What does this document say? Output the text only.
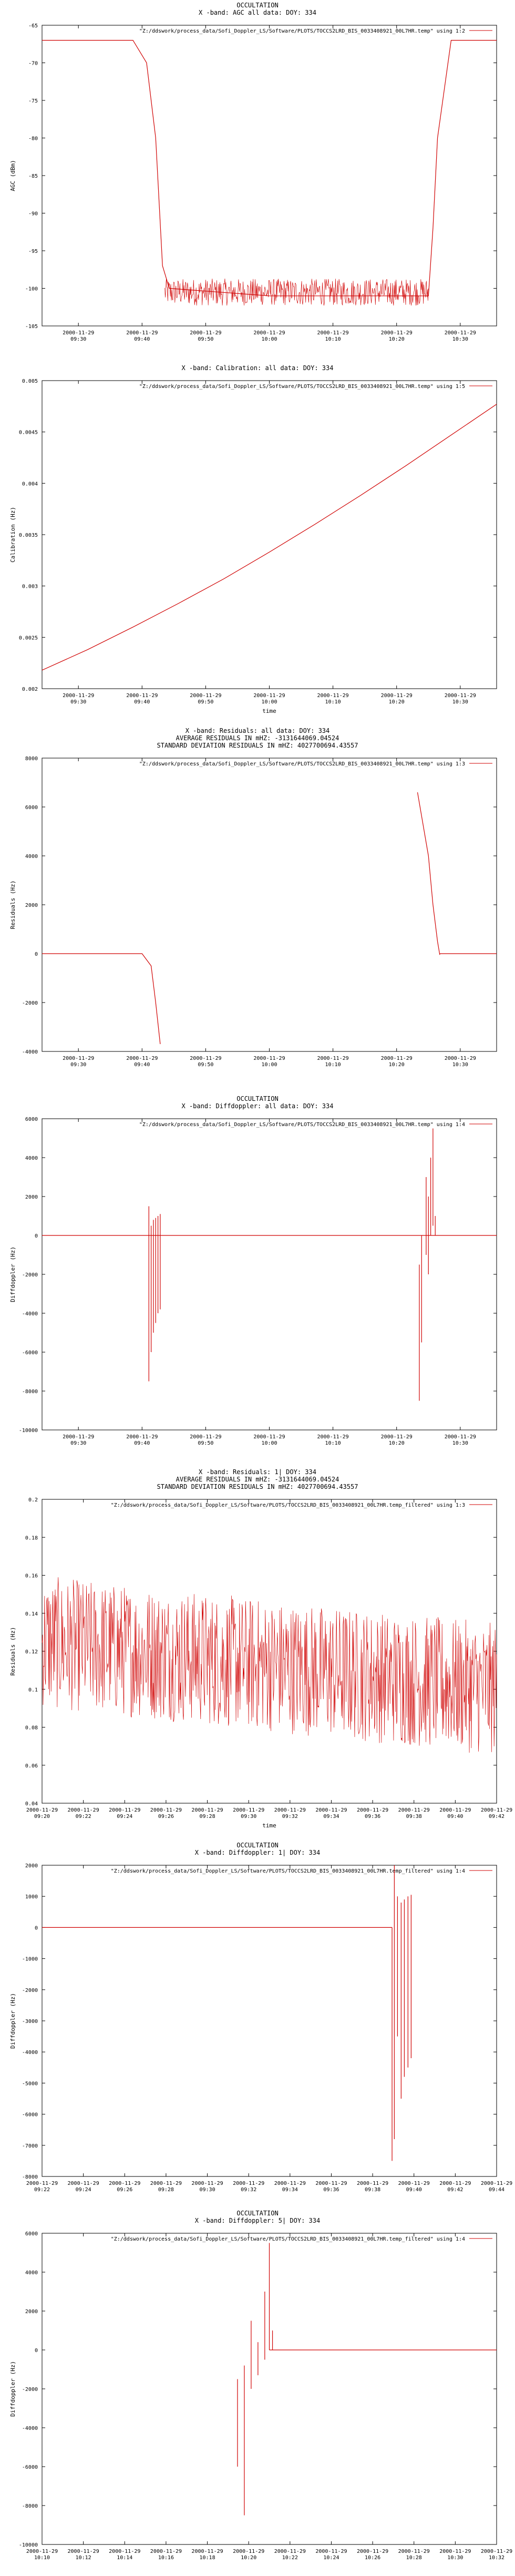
OCCULTATION
X -band: AGC all data: DOY: 334
"Z:/ddswork/process_data/Sofi_Doppler_LS/Software/PLOTS/TOCCS2LRD_BIS_0033408921_00L7HR.temp" using 1:2
-65
-70
-75
-80
-85
-90
-95
-100
-105
2000-11-29
09:30
2000-11-29
09:40
2000-11-29
09:50
2000-11-29
10:00
2000-11-29
10:10
2000-11-29
10:20
2000-11-29
10:30
AGC (dBm)
X -band: Calibration: all data: DOY: 334
"Z:/ddswork/process_data/Sofi_Doppler_LS/Software/PLOTS/TOCCS2LRD_BIS_0033408921_00L7HR.temp" using 1:5
0.005
0.0045
0.004
0.0035
0.003
0.0025
0.002
2000-11-29
09:30
2000-11-29
09:40
2000-11-29
09:50
2000-11-29
10:00
2000-11-29
10:10
2000-11-29
10:20
2000-11-29
10:30
Calibration (Hz)
time
X -band: Residuals: all data: DOY: 334
AVERAGE RESIDUALS IN mHZ: -3131644069.04524
STANDARD DEVIATION RESIDUALS IN mHZ: 4027700694.43557
"Z:/ddswork/process_data/Sofi_Doppler_LS/Software/PLOTS/TOCCS2LRD_BIS_0033408921_00L7HR.temp" using 1:3
8000
6000
4000
2000
0
-2000
-4000
2000-11-29
09:30
2000-11-29
09:40
2000-11-29
09:50
2000-11-29
10:00
2000-11-29
10:10
2000-11-29
10:20
2000-11-29
10:30
Residuals (Hz)
OCCULTATION
X -band: Diffdoppler: all data: DOY: 334
"Z:/ddswork/process_data/Sofi_Doppler_LS/Software/PLOTS/TOCCS2LRD_BIS_0033408921_00L7HR.temp" using 1:4
6000
4000
2000
0
-2000
-4000
-6000
-8000
-10000
2000-11-29
09:30
2000-11-29
09:40
2000-11-29
09:50
2000-11-29
10:00
2000-11-29
10:10
2000-11-29
10:20
2000-11-29
10:30
Diffdoppler (Hz)
X -band: Residuals: 1| DOY: 334
AVERAGE RESIDUALS IN mHZ: -3131644069.04524
STANDARD DEVIATION RESIDUALS IN mHZ: 4027700694.43557
"Z:/ddswork/process_data/Sofi_Doppler_LS/Software/PLOTS/TOCCS2LRD_BIS_0033408921_00L7HR.temp_filtered" using 1:3
0.2
0.18
0.16
0.14
0.12
0.1
0.08
0.06
0.04
2000-11-29
09:20
2000-11-29
09:22
2000-11-29
09:24
2000-11-29
09:26
2000-11-29
09:28
2000-11-29
09:30
2000-11-29
09:32
2000-11-29
09:34
2000-11-29
09:36
2000-11-29
09:38
2000-11-29
09:40
2000-11-29
09:42
Residuals (Hz)
time
OCCULTATION
X -band: Diffdoppler: 1| DOY: 334
"Z:/ddswork/process_data/Sofi_Doppler_LS/Software/PLOTS/TOCCS2LRD_BIS_0033408921_00L7HR.temp_filtered" using 1:4
2000
1000
0
-1000
-2000
-3000
-4000
-5000
-6000
-7000
-8000
2000-11-29
09:22
2000-11-29
09:24
2000-11-29
09:26
2000-11-29
09:28
2000-11-29
09:30
2000-11-29
09:32
2000-11-29
09:34
2000-11-29
09:36
2000-11-29
09:38
2000-11-29
09:40
2000-11-29
09:42
2000-11-29
09:44
Diffdoppler (Hz)
OCCULTATION
X -band: Diffdoppler: 5| DOY: 334
"Z:/ddswork/process_data/Sofi_Doppler_LS/Software/PLOTS/TOCCS2LRD_BIS_0033408921_00L7HR.temp_filtered" using 1:4
6000
4000
2000
0
-2000
-4000
-6000
-8000
-10000
2000-11-29
10:10
2000-11-29
10:12
2000-11-29
10:14
2000-11-29
10:16
2000-11-29
10:18
2000-11-29
10:20
2000-11-29
10:22
2000-11-29
10:24
2000-11-29
10:26
2000-11-29
10:28
2000-11-29
10:30
2000-11-29
10:32
Diffdoppler (Hz)
